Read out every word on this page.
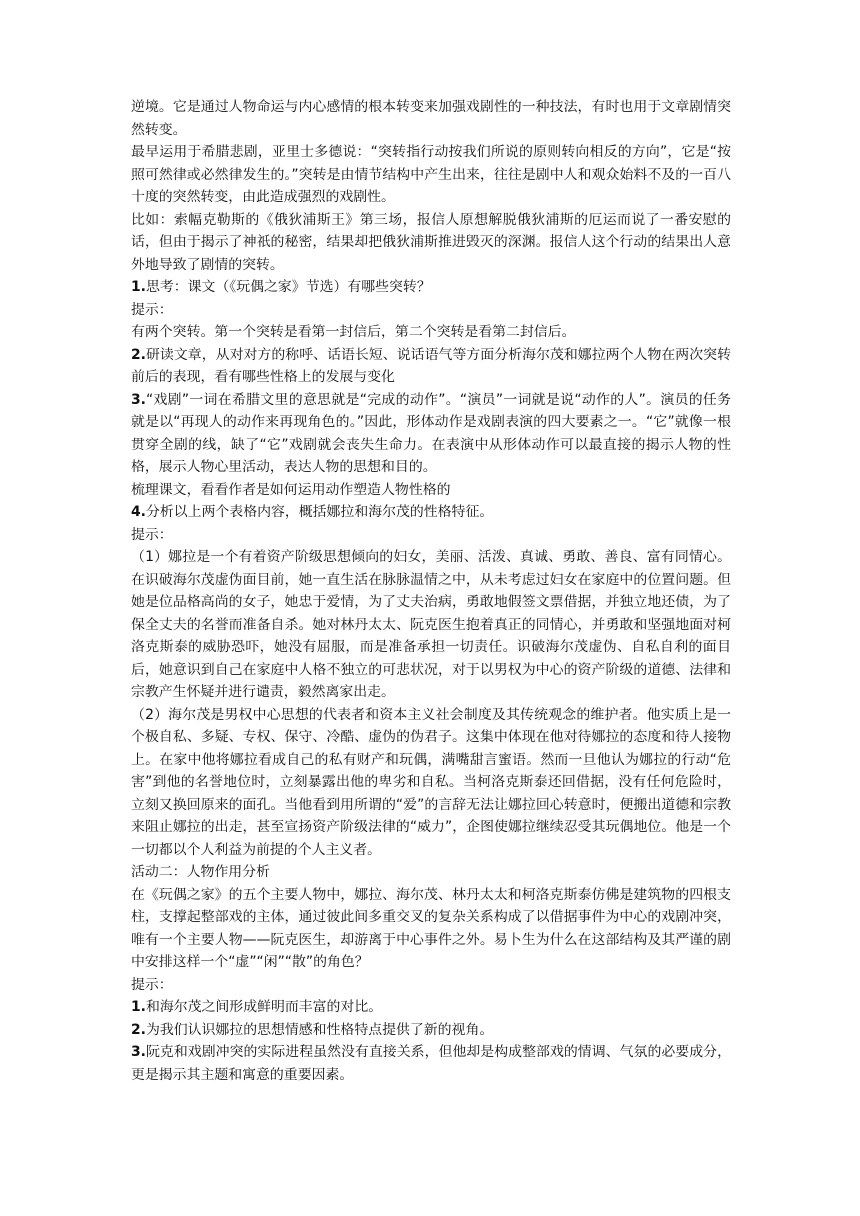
逆境。它是通过人物命运与内心感情的根本转变来加强戏剧性的一种技法，有时也用于文章剧情突然转变。

最早运用于希腊悲剧，亚里士多德说：“突转指行动按我们所说的原则转向相反的方向”，它是“按照可然律或必然律发生的。”突转是由情节结构中产生出来，往往是剧中人和观众始料不及的一百八十度的突然转变，由此造成强烈的戏剧性。

比如：索幅克勒斯的《俄狄浦斯王》第三场，报信人原想解脱俄狄浦斯的厄运而说了一番安慰的话，但由于揭示了神祇的秘密，结果却把俄狄浦斯推进毁灭的深渊。报信人这个行动的结果出人意外地导致了剧情的突转。

1.思考：课文（《玩偶之家》节选）有哪些突转？

提示：

有两个突转。第一个突转是看第一封信后，第二个突转是看第二封信后。

2.研读文章，从对对方的称呼、话语长短、说话语气等方面分析海尔茂和娜拉两个人物在两次突转前后的表现，看有哪些性格上的发展与变化

3.“戏剧”一词在希腊文里的意思就是“完成的动作”。“演员”一词就是说“动作的人”。演员的任务就是以“再现人的动作来再现角色的。”因此，形体动作是戏剧表演的四大要素之一。“它”就像一根贯穿全剧的线，缺了“它”戏剧就会丧失生命力。在表演中从形体动作可以最直接的揭示人物的性格，展示人物心里活动，表达人物的思想和目的。

梳理课文，看看作者是如何运用动作塑造人物性格的

4.分析以上两个表格内容，概括娜拉和海尔茂的性格特征。

提示：

（1）娜拉是一个有着资产阶级思想倾向的妇女，美丽、活泼、真诚、勇敢、善良、富有同情心。在识破海尔茂虚伪面目前，她一直生活在脉脉温情之中，从未考虑过妇女在家庭中的位置问题。但她是位品格高尚的女子，她忠于爱情，为了丈夫治病，勇敢地假签文票借据，并独立地还债，为了保全丈夫的名誉而准备自杀。她对林丹太太、阮克医生抱着真正的同情心，并勇敢和坚强地面对柯洛克斯泰的威胁恐吓，她没有屈服，而是准备承担一切责任。识破海尔茂虚伪、自私自利的面目后，她意识到自己在家庭中人格不独立的可悲状况，对于以男权为中心的资产阶级的道德、法律和宗教产生怀疑并进行谴责，毅然离家出走。

（2）海尔茂是男权中心思想的代表者和资本主义社会制度及其传统观念的维护者。他实质上是一个极自私、多疑、专权、保守、冷酷、虚伪的伪君子。这集中体现在他对待娜拉的态度和待人接物上。在家中他将娜拉看成自己的私有财产和玩偶，满嘴甜言蜜语。然而一旦他认为娜拉的行动“危害”到他的名誉地位时，立刻暴露出他的卑劣和自私。当柯洛克斯泰还回借据，没有任何危险时，立刻又换回原来的面孔。当他看到用所谓的“爱”的言辞无法让娜拉回心转意时，便搬出道德和宗教来阻止娜拉的出走，甚至宣扬资产阶级法律的“威力”，企图使娜拉继续忍受其玩偶地位。他是一个一切都以个人利益为前提的个人主义者。

活动二：人物作用分析

在《玩偶之家》的五个主要人物中，娜拉、海尔茂、林丹太太和柯洛克斯泰仿佛是建筑物的四根支柱，支撑起整部戏的主体，通过彼此间多重交叉的复杂关系构成了以借据事件为中心的戏剧冲突，唯有一个主要人物——阮克医生，却游离于中心事件之外。易卜生为什么在这部结构及其严谨的剧中安排这样一个“虚”“闲”“散”的角色？

提示：

1.和海尔茂之间形成鲜明而丰富的对比。

2.为我们认识娜拉的思想情感和性格特点提供了新的视角。

3.阮克和戏剧冲突的实际进程虽然没有直接关系，但他却是构成整部戏的情调、气氛的必要成分，更是揭示其主题和寓意的重要因素。
